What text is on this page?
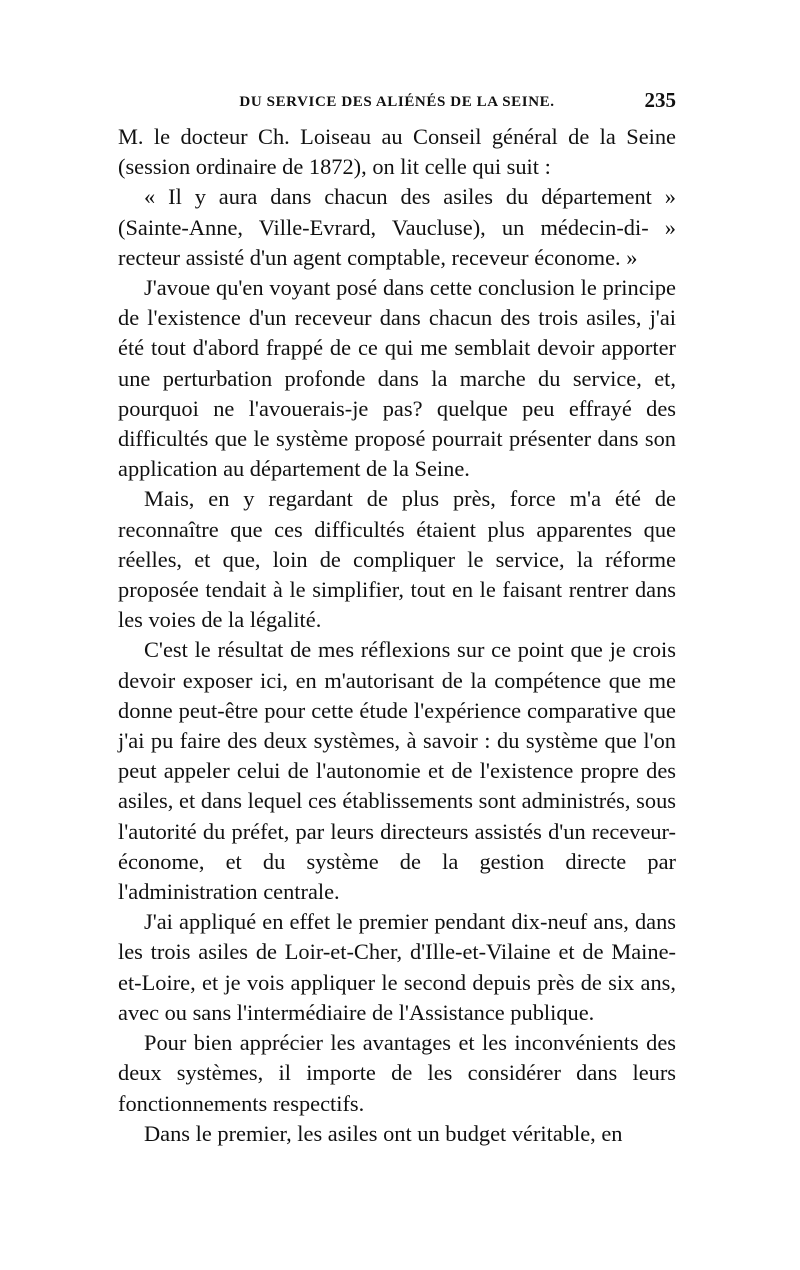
DU SERVICE DES ALIÉNÉS DE LA SEINE.	235

M. le docteur Ch. Loiseau au Conseil général de la Seine (session ordinaire de 1872), on lit celle qui suit :

« Il y aura dans chacun des asiles du département » (Sainte-Anne, Ville-Evrard, Vaucluse), un médecin-di- » recteur assisté d'un agent comptable, receveur économe. »

J'avoue qu'en voyant posé dans cette conclusion le principe de l'existence d'un receveur dans chacun des trois asiles, j'ai été tout d'abord frappé de ce qui me semblait devoir apporter une perturbation profonde dans la marche du service, et, pourquoi ne l'avouerais-je pas? quelque peu effrayé des difficultés que le système proposé pourrait présenter dans son application au département de la Seine.

Mais, en y regardant de plus près, force m'a été de reconnaître que ces difficultés étaient plus apparentes que réelles, et que, loin de compliquer le service, la réforme proposée tendait à le simplifier, tout en le faisant rentrer dans les voies de la légalité.

C'est le résultat de mes réflexions sur ce point que je crois devoir exposer ici, en m'autorisant de la compétence que me donne peut-être pour cette étude l'expérience comparative que j'ai pu faire des deux systèmes, à savoir : du système que l'on peut appeler celui de l'autonomie et de l'existence propre des asiles, et dans lequel ces établissements sont administrés, sous l'autorité du préfet, par leurs directeurs assistés d'un receveur-économe, et du système de la gestion directe par l'administration centrale.

J'ai appliqué en effet le premier pendant dix-neuf ans, dans les trois asiles de Loir-et-Cher, d'Ille-et-Vilaine et de Maine-et-Loire, et je vois appliquer le second depuis près de six ans, avec ou sans l'intermédiaire de l'Assistance publique.

Pour bien apprécier les avantages et les inconvénients des deux systèmes, il importe de les considérer dans leurs fonctionnements respectifs.

Dans le premier, les asiles ont un budget véritable, en
